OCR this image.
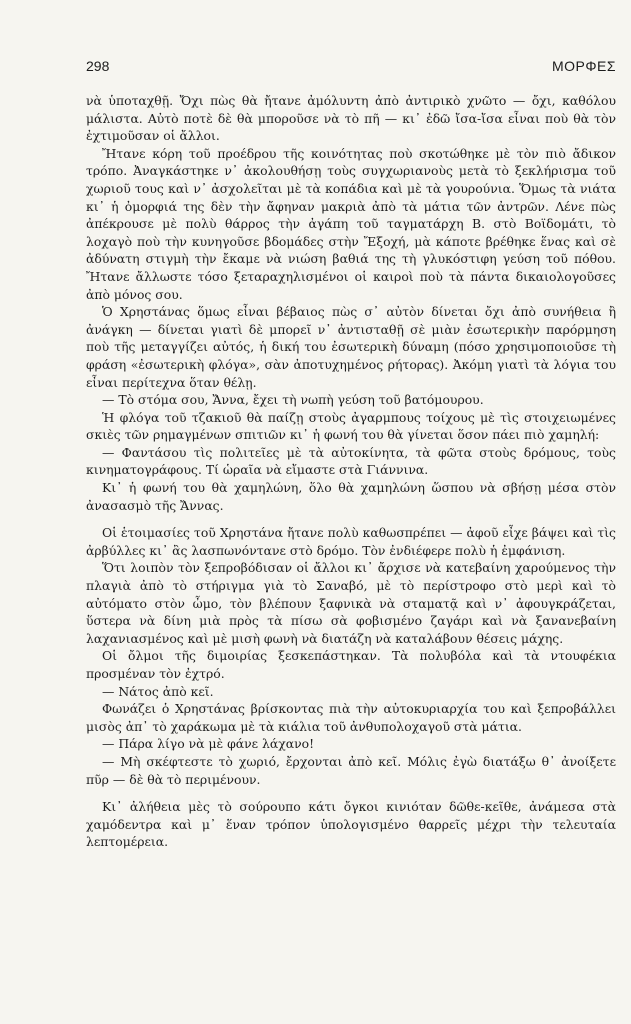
298	ΜΟΡΦΕΣ

νὰ ὑποταχθῇ. Ὄχι πὼς θὰ ἤτανε ἀμόλυντη ἀπὸ ἀντιρικὸ χνῶτο — ὄχι, καθόλου μάλιστα. Αὐτὸ ποτὲ δὲ θὰ μποροῦσε νὰ τὸ πῆ — κι᾽ ἐδῶ ἴσα-ἴσα εἶναι ποὺ θὰ τὸν ἐχτιμοῦσαν οἱ ἄλλοι.

Ἤτανε κόρη τοῦ προέδρου τῆς κοινότητας ποὺ σκοτώθηκε μὲ τὸν πιὸ ἄδικον τρόπο. Ἀναγκάστηκε ν᾽ ἀκολουθήσῃ τοὺς συγχωριανοὺς μετὰ τὸ ξεκλήρισμα τοῦ χωριοῦ τους καὶ ν᾽ ἀσχολεῖται μὲ τὰ κοπάδια καὶ μὲ τὰ γουρούνια. Ὅμως τὰ νιάτα κι᾽ ἡ ὀμορφιά της δὲν τὴν ἄφηναν μακριὰ ἀπὸ τὰ μάτια τῶν ἀντρῶν. Λένε πὼς ἀπέκρουσε μὲ πολὺ θάρρος τὴν ἀγάπη τοῦ ταγματάρχη Β. στὸ Βοϊδομάτι, τὸ λοχαγὸ ποὺ τὴν κυνηγοῦσε βδομάδες στὴν Ἔξοχή, μὰ κάποτε βρέθηκε ἕνας καὶ σὲ ἀδύνατη στιγμὴ τὴν ἔκαμε νὰ νιώση βαθιά της τὴ γλυκόστιφη γεύση τοῦ πόθου. Ἤτανε ἄλλωστε τόσο ξεταραχηλισμένοι οἱ καιροὶ ποὺ τὰ πάντα δικαιολογοῦσες ἀπὸ μόνος σου.

Ὁ Χρηστάνας ὅμως εἶναι βέβαιος πὼς σ᾽ αὐτὸν δίνεται ὄχι ἀπὸ συνήθεια ἢ ἀνάγκη — δίνεται γιατὶ δὲ μπορεῖ ν᾽ ἀντισταθῇ σὲ μιὰν ἐσωτερικὴν παρόρμηση ποὺ τῆς μεταγγίζει αὐτός, ἡ δική του ἐσωτερικὴ δύναμη (πόσο χρησιμοποιοῦσε τὴ φράση «ἐσωτερικὴ φλόγα», σὰν ἀποτυχημένος ρήτορας). Ἀκόμη γιατὶ τὰ λόγια του εἶναι περίτεχνα ὅταν θέλῃ.

— Τὸ στόμα σου, Ἄννα, ἔχει τὴ νωπὴ γεύση τοῦ βατόμουρου.

Ἡ φλόγα τοῦ τζακιοῦ θὰ παίζῃ στοὺς ἀγαρμπους τοίχους μὲ τὶς στοιχειωμένες σκιὲς τῶν ρημαγμένων σπιτιῶν κι᾽ ἡ φωνή του θὰ γίνεται ὅσον πάει πιὸ χαμηλή:

— Φαντάσου τὶς πολιτεῖες μὲ τὰ αὐτοκίνητα, τὰ φῶτα στοὺς δρόμους, τοὺς κινηματογράφους. Τί ὡραῖα νὰ εἴμαστε στὰ Γιάννινα.

Κι᾽ ἡ φωνή του θὰ χαμηλώνη, ὅλο θὰ χαμηλώνη ὥσπου νὰ σβήσῃ μέσα στὸν ἀνασασμὸ τῆς Ἄννας.

Οἱ ἑτοιμασίες τοῦ Χρηστάνα ἤτανε πολὺ καθωσπρέπει — ἀφοῦ εἶχε βάψει καὶ τὶς ἀρβύλλες κι᾽ ἂς λασπωνόντανε στὸ δρόμο. Τὸν ἐνδιέφερε πολὺ ἡ ἐμφάνιση.

Ὅτι λοιπὸν τὸν ξεπροβόδισαν οἱ ἄλλοι κι᾽ ἄρχισε νὰ κατεβαίνη χαρούμενος τὴν πλαγιὰ ἀπὸ τὸ στήριγμα γιὰ τὸ Σαναβό, μὲ τὸ περίστροφο στὸ μερὶ καὶ τὸ αὐτόματο στὸν ὦμο, τὸν βλέπουν ξαφνικὰ νὰ σταματᾷ καὶ ν᾽ ἀφουγκράζεται, ὕστερα νὰ δίνη μιὰ πρὸς τὰ πίσω σὰ φοβισμένο ζαγάρι καὶ νὰ ξανανεβαίνη λαχανιασμένος καὶ μὲ μισὴ φωνὴ νὰ διατάζη νὰ καταλάβουν θέσεις μάχης.

Οἱ ὄλμοι τῆς διμοιρίας ξεσκεπάστηκαν. Τὰ πολυβόλα καὶ τὰ ντουφέκια προσμέναν τὸν ἐχτρό.

— Νάτος ἀπὸ κεῖ.

Φωνάζει ὁ Χρηστάνας βρίσκοντας πιὰ τὴν αὐτοκυριαρχία του καὶ ξεπροβάλλει μισὸς ἀπ᾽ τὸ χαράκωμα μὲ τὰ κιάλια τοῦ ἀνθυπολοχαγοῦ στὰ μάτια.

— Πάρα λίγο νὰ μὲ φάνε λάχανο!

— Μὴ σκέφτεστε τὸ χωριό, ἔρχονται ἀπὸ κεῖ. Μόλις ἐγὼ διατάξω θ᾽ ἀνοίξετε πῦρ — δὲ θὰ τὸ περιμένουν.

Κι᾽ ἀλήθεια μὲς τὸ σούρουπο κάτι ὄγκοι κινιόταν δῶθε-κεῖθε, ἀνάμεσα στὰ χαμόδεντρα καὶ μ᾽ ἕναν τρόπον ὑπολογισμένο θαρρεῖς μέχρι τὴν τελευταία λεπτομέρεια.
